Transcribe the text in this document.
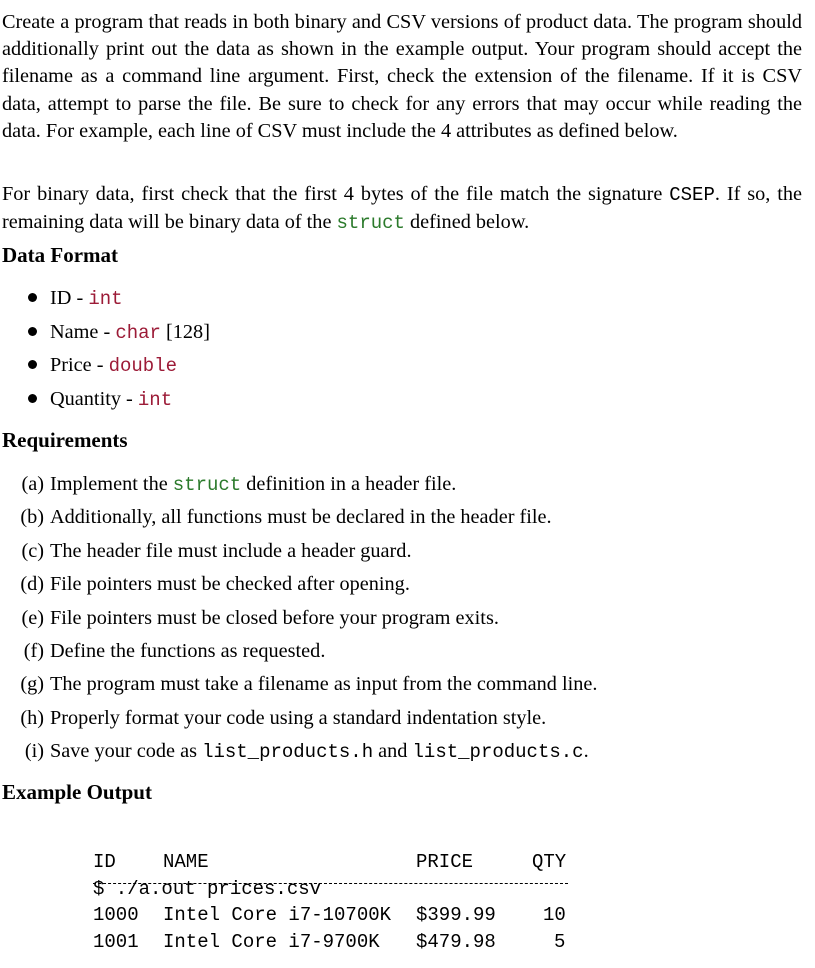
Create a program that reads in both binary and CSV versions of product data. The program should additionally print out the data as shown in the example output. Your program should accept the filename as a command line argument. First, check the extension of the filename. If it is CSV data, attempt to parse the file. Be sure to check for any errors that may occur while reading the data. For example, each line of CSV must include the 4 attributes as defined below.

For binary data, first check that the first 4 bytes of the file match the signature CSEP. If so, the remaining data will be binary data of the struct defined below.

Data Format
ID - int
Name - char [128]
Price - double
Quantity - int
Requirements
(a) Implement the struct definition in a header file.
(b) Additionally, all functions must be declared in the header file.
(c) The header file must include a header guard.
(d) File pointers must be checked after opening.
(e) File pointers must be closed before your program exits.
(f) Define the functions as requested.
(g) The program must take a filename as input from the command line.
(h) Properly format your code using a standard indentation style.
(i) Save your code as list_products.h and list_products.c.
Example Output

$ ./a.out prices.csv

ID NAME	PRICE	QTY
1000 Intel Core i7-10700K $399.99 10
1001 Intel Core i7-9700K $479.98	5
